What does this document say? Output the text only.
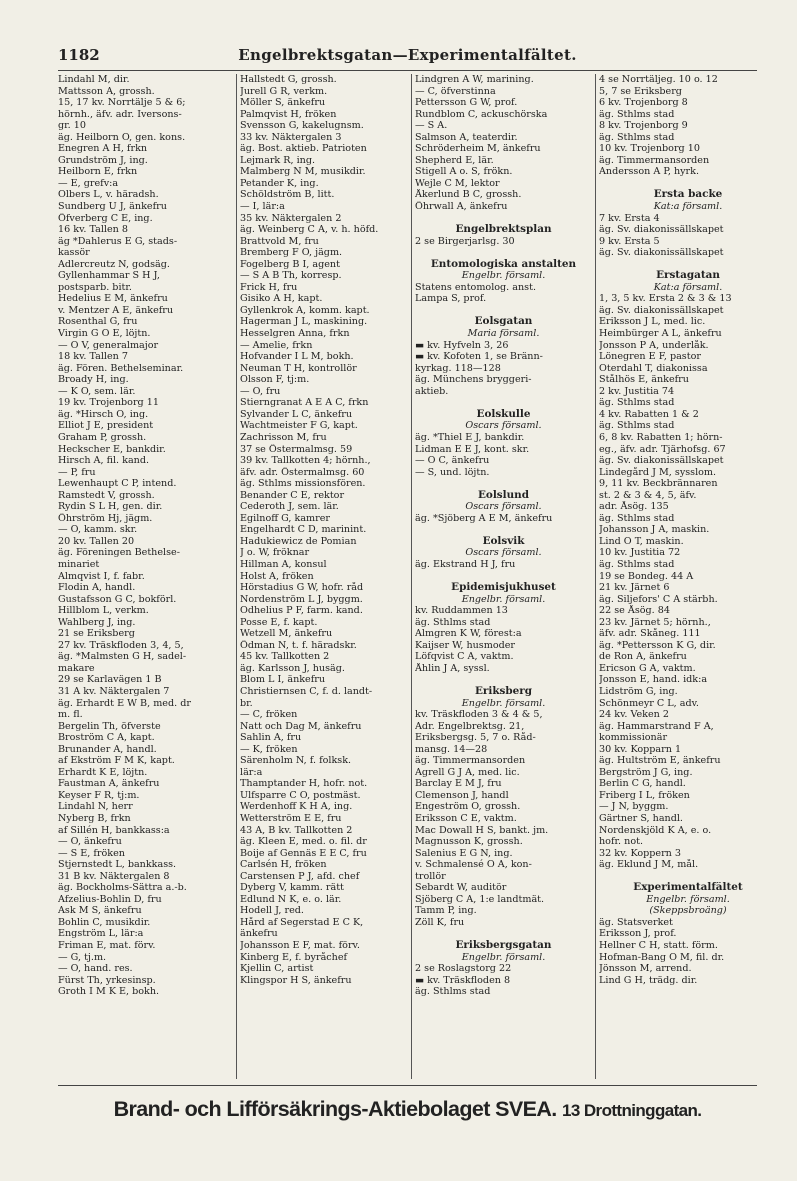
1182	Engelbrektsgatan—Experimentalfältet.
Lindahl M, dir.
Mattsson A, grossh.
15, 17 kv. Norrtälje 5 & 6;
hörnh., äfv. adr. Iversons-
gr. 10
äg. Heilborn O, gen. kons.
Enegren A H, frkn
Grundström J, ing.
Heilborn E, frkn
— E, grefv:a
Olbers L, v. häradsh.
Sundberg U J, änkefru
Öfverberg C E, ing.
16 kv. Tallen 8
äg *Dahlerus E G, stads-
kassör
Adlercreutz N, godsäg.
Gyllenhammar S H J,
postsparb. bitr.
Hedelius E M, änkefru
v. Mentzer A E, änkefru
Rosenthal G, fru
Virgin G O E, löjtn.
— O V, generalmajor
18 kv. Tallen 7
äg. Fören. Bethelseminar.
Broady H, ing.
— K O, sem. lär.
19 kv. Trojenborg 11
äg. *Hirsch O, ing.
Elliot J E, president
Graham P, grossh.
Heckscher E, bankdir.
Hirsch A, fil. kand.
— P, fru
Lewenhaupt C P, intend.
Ramstedt V, grossh.
Rydin S L H, gen. dir.
Öhrström Hj, jägm.
— O, kamm. skr.
20 kv. Tallen 20
äg. Föreningen Bethelse-
minariet
Almqvist I, f. fabr.
Flodin A, handl.
Gustafsson G C, bokförl.
Hillblom L, verkm.
Wahlberg J, ing.
21 se Eriksberg
27 kv. Träskfloden 3, 4, 5,
äg. *Malmsten G H, sadel-
makare
29 se Karlavägen 1 B
31 A kv. Näktergalen 7
äg. Erhardt E W B, med. dr
m. fl.
Bergelin Th, öfverste
Broström C A, kapt.
Brunander A, handl.
af Ekström F M K, kapt.
Erhardt K E, löjtn.
Faustman A, änkefru
Keyser F R, tj:m.
Lindahl N, herr
Nyberg B, frkn
af Sillén H, bankkass:a
— O, änkefru
— S E, fröken
Stjernstedt L, bankkass.
31 B kv. Näktergalen 8
äg. Bockholms-Sättra a.-b.
Afzelius-Bohlin D, fru
Ask M S, änkefru
Bohlin C, musikdir.
Engström L, lär:a
Friman E, mat. förv.
— G, tj.m.
— O, hand. res.
Fürst Th, yrkesinsp.
Groth I M K E, bokh.
Hallstedt G, grossh.
Jurell G R, verkm.
Möller S, änkefru
Palmqvist H, fröken
Svensson G, kakelugnsm.
33 kv. Näktergalen 3
äg. Bost. aktieb. Patrioten
Lejmark R, ing.
Malmberg N M, musikdir.
Petander K, ing.
Schöldström B, litt.
— I, lär:a
35 kv. Näktergalen 2
äg. Weinberg C A, v. h. höfd.
Brattvold M, fru
Bremberg F O, jägm.
Fogelberg B I, agent
— S A B Th, korresp.
Frick H, fru
Gisiko A H, kapt.
Gyllenkrok A, komm. kapt.
Hagerman J L, maskining.
Hesselgren Anna, frkn
— Amelie, frkn
Hofvander I L M, bokh.
Neuman T H, kontrollör
Olsson F, tj:m.
— O, fru
Stierngranat A E A C, frkn
Sylvander L C, änkefru
Wachtmeister F G, kapt.
Zachrisson M, fru
37 se Östermalmsg. 59
39 kv. Tallkotten 4; hörnh.,
äfv. adr. Östermalmsg. 60
äg. Sthlms missionsfören.
Benander C E, rektor
Cederoth J, sem. lär.
Egilnoff G, kamrer
Engelhardt C D, marinint.
Hadukiewicz de Pomian
J o. W, fröknar
Hillman A, konsul
Holst A, fröken
Hörstadius G W, hofr. råd
Nordenström L J, byggm.
Odhelius P F, farm. kand.
Posse E, f. kapt.
Wetzell M, änkefru
Ödman N, t. f. häradskr.
45 kv. Tallkotten 2
äg. Karlsson J, husäg.
Blom L I, änkefru
Christiernsen C, f. d. landt-
br.
— C, fröken
Natt och Dag M, änkefru
Sahlin A, fru
— K, fröken
Särenholm N, f. folksk.
lär:a
Thamptander H, hofr. not.
Ulfsparre C O, postmäst.
Werdenhoff K H A, ing.
Wetterström E E, fru
43 A, B kv. Tallkotten 2
äg. Kleen E, med. o. fil. dr
Boije af Gennäs E E C, fru
Carlsén H, fröken
Carstensen P J, afd. chef
Dyberg V, kamm. rätt
Edlund N K, e. o. lär.
Hodell J, red.
Hård af Segerstad E C K,
änkefru
Johansson E F, mat. förv.
Kinberg E, f. byråchef
Kjellin C, artist
Klingspor H S, änkefru
Lindgren A W, marining.
— C, öfverstinna
Pettersson G W, prof.
Rundblom C, ackuschörska
— S A.
Salmson A, teaterdir.
Schröderheim M, änkefru
Shepherd E, lär.
Stigell A o. S, frökn.
Wejle C M, lektor
Åkerlund B C, grossh.
Öhrwall A, änkefru

Engelbrektsplan
2 se Birgerjarlsg. 30

Entomologiska anstalten
Engelbr. församl.
Statens entomolog. anst.
Lampa S, prof.

Eolsgatan
Maria församl.
▬ kv. Hyfveln 3, 26
▬ kv. Kofoten 1, se Bränn-
kyrkag. 118—128
äg. Münchens bryggeri-
aktieb.

Eolskulle
Oscars församl.
äg. *Thiel E J, bankdir.
Lidman E E J, kont. skr.
— O C, änkefru
— S, und. löjtn.

Eolslund
Oscars församl.
äg. *Sjöberg A E M, änkefru

Eolsvik
Oscars församl.
äg. Ekstrand H J, fru

Epidemisjukhuset
Engelbr. församl.
kv. Ruddammen 13
äg. Sthlms stad
Almgren K W, förest:a
Kaijser W, husmoder
Löfqvist C A, vaktm.
Åhlin J A, syssl.

Eriksberg
Engelbr. församl.
kv. Träskfloden 3 & 4 & 5,
Adr. Engelbrektsg. 21,
Eriksbergsg. 5, 7 o. Råd-
mansg. 14—28
äg. Timmermansorden
Agrell G J A, med. lic.
Barclay E M J, fru
Clemenson J, handl
Engeström O, grossh.
Eriksson C E, vaktm.
Mac Dowall H S, bankt. jm.
Magnusson K, grossh.
Salenius E G N, ing.
v. Schmalensé O A, kon-
trollör
Sebardt W, auditör
Sjöberg C A, 1:e landtmät.
Tamm P, ing.
Zöll K, fru

Eriksbergsgatan
Engelbr. församl.
2 se Roslagstorg 22
▬ kv. Träskfloden 8
äg. Sthlms stad
4 se Norrtäljeg. 10 o. 12
5, 7 se Eriksberg
6 kv. Trojenborg 8
äg. Sthlms stad
8 kv. Trojenborg 9
äg. Sthlms stad
10 kv. Trojenborg 10
äg. Timmermansorden
Andersson A P, hyrk.

Ersta backe
Kat:a församl.
7 kv. Ersta 4
äg. Sv. diakonissällskapet
9 kv. Ersta 5
äg. Sv. diakonissällskapet

Erstagatan
Kat:a församl.
1, 3, 5 kv. Ersta 2 & 3 & 13
äg. Sv. diakonissällskapet
Eriksson J L, med. lic.
Heimbürger A L, änkefru
Jonsson P A, underlåk.
Lönegren E F, pastor
Oterdahl T, diakonissa
Stålhös E, änkefru
2 kv. Justitia 74
äg. Sthlms stad
4 kv. Rabatten 1 & 2
äg. Sthlms stad
6, 8 kv. Rabatten 1; hörn-
eg., äfv. adr. Tjärhofsg. 67
äg. Sv. diakonissällskapet
Lindegård J M, sysslom.
9, 11 kv. Beckbrännaren
st. 2 & 3 & 4, 5, äfv.
adr. Åsög. 135
äg. Sthlms stad
Johansson J A, maskin.
Lind O T, maskin.
10 kv. Justitia 72
äg. Sthlms stad
19 se Bondeg. 44 A
21 kv. Järnet 6
äg. Siljefors' C A stärbh.
22 se Åsög. 84
23 kv. Järnet 5; hörnh.,
äfv. adr. Skåneg. 111
äg. *Pettersson K G, dir.
de Ron A, änkefru
Ericson G A, vaktm.
Jonsson E, hand. idk:a
Lidström G, ing.
Schönmeyr C L, adv.
24 kv. Veken 2
äg. Hammarstrand F A,
kommissionär
30 kv. Kopparn 1
äg. Hultström E, änkefru
Bergström J G, ing.
Berlin C G, handl.
Friberg I L, fröken
— J N, byggm.
Gärtner S, handl.
Nordenskjöld K A, e. o.
hofr. not.
32 kv. Koppern 3
äg. Eklund J M, mål.

Experimentalfältet
Engelbr. församl.
(Skeppsbroäng)
äg. Statsverket
Eriksson J, prof.
Hellner C H, statt. förm.
Hofman-Bang O M, fil. dr.
Jönsson M, arrend.
Lind G H, trädg. dir.
Brand- och Lifförsäkrings-Aktiebolaget SVEA. 13 Drottninggatan.
